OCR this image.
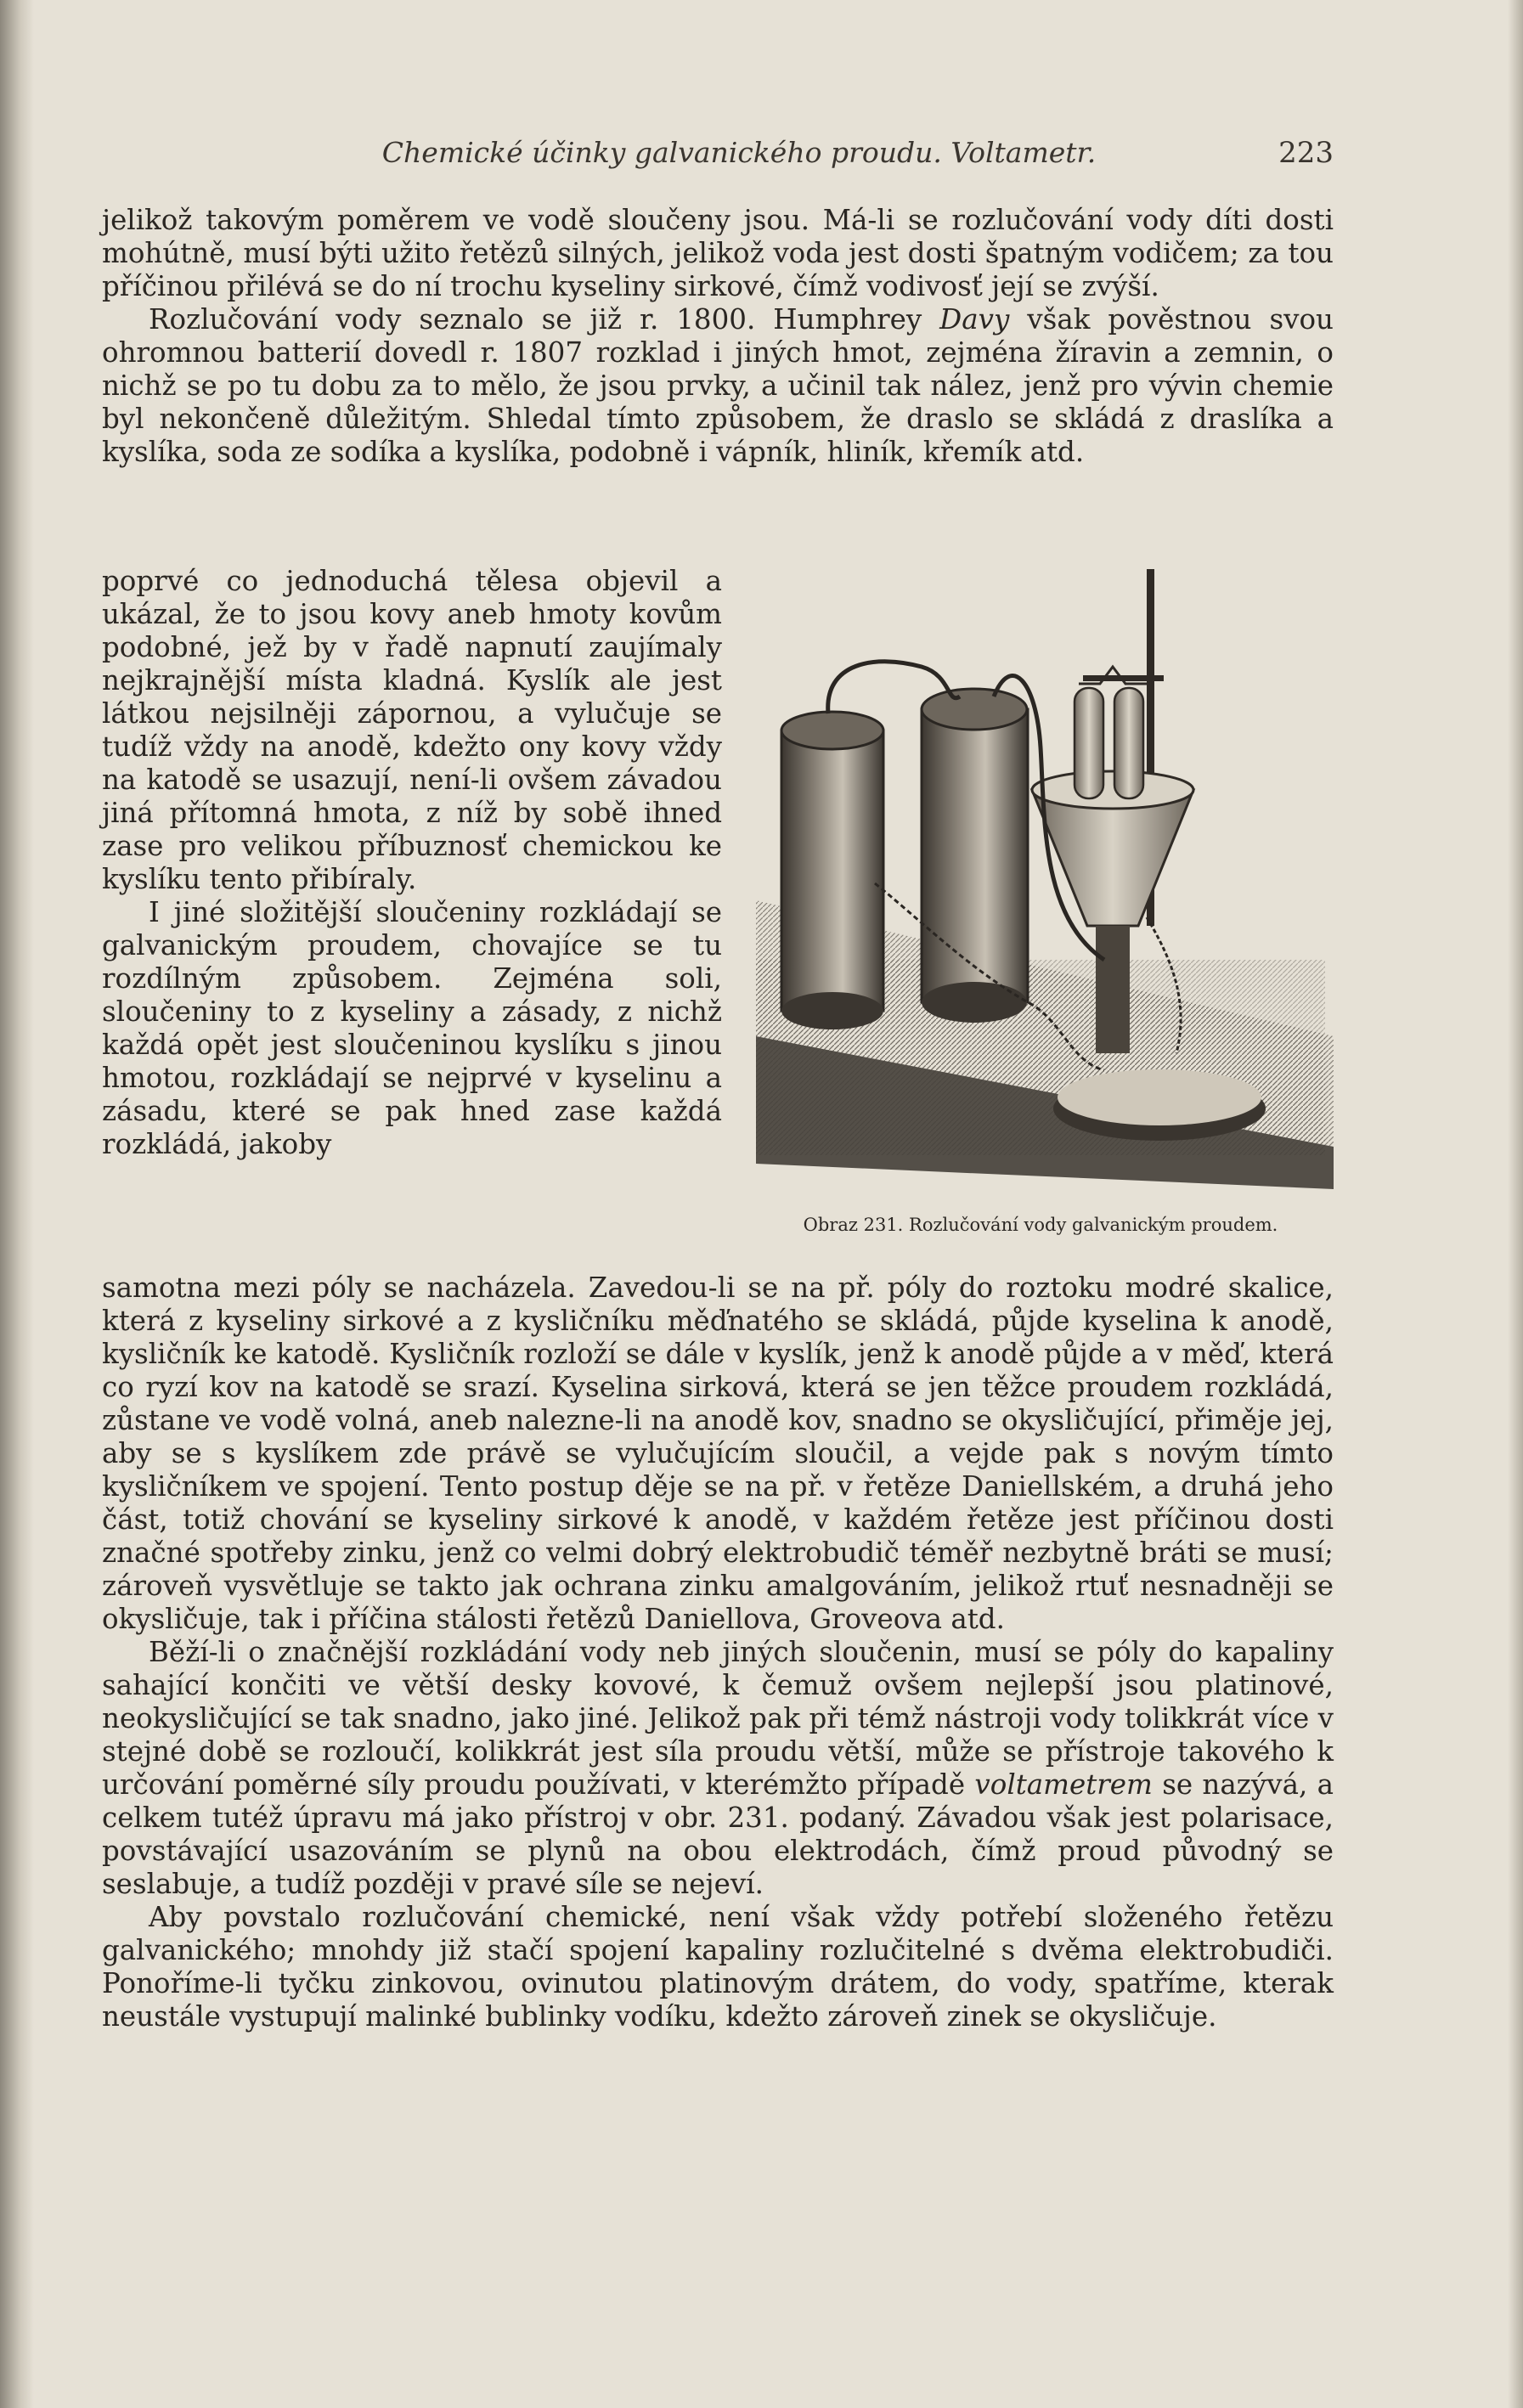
Chemické účinky galvanického proudu. Voltametr.	223

jelikož takovým poměrem ve vodě sloučeny jsou. Má-li se rozlučování vody díti dosti mohútně, musí býti užito řetězů silných, jelikož voda jest dosti špatným vodičem; za tou příčinou přilévá se do ní trochu kyseliny sirkové, čímž vodivosť její se zvýší.

Rozlučování vody seznalo se již r. 1800. Humphrey Davy však pověstnou svou ohromnou batterií dovedl r. 1807 rozklad i jiných hmot, zejména žíravin a zemnin, o nichž se po tu dobu za to mělo, že jsou prvky, a učinil tak nález, jenž pro vývin chemie byl nekončeně důležitým. Shledal tímto způsobem, že draslo se skládá z draslíka a kyslíka, soda ze sodíka a kyslíka, podobně i vápník, hliník, křemík atd.

poprvé co jednoduchá tělesa objevil a ukázal, že to jsou kovy aneb hmoty kovům podobné, jež by v řadě napnutí zaujímaly nejkrajnější místa kladná. Kyslík ale jest látkou nejsilněji zápornou, a vylučuje se tudíž vždy na anodě, kdežto ony kovy vždy na katodě se usazují, není-li ovšem závadou jiná přítomná hmota, z níž by sobě ihned zase pro velikou příbuznosť chemickou ke kyslíku tento přibíraly.

I jiné složitější sloučeniny rozkládají se galvanickým proudem, chovajíce se tu rozdílným způsobem. Zejména soli, sloučeniny to z kyseliny a zásady, z nichž každá opět jest sloučeninou kyslíku s jinou hmotou, rozkládají se nejprvé v kyselinu a zásadu, které se pak hned zase každá rozkládá, jakoby

Obraz 231. Rozlučování vody galvanickým proudem.

samotna mezi póly se nacházela. Zavedou-li se na př. póly do roztoku modré skalice, která z kyseliny sirkové a z kysličníku měďnatého se skládá, půjde kyselina k anodě, kysličník ke katodě. Kysličník rozloží se dále v kyslík, jenž k anodě půjde a v měď, která co ryzí kov na katodě se srazí. Kyselina sirková, která se jen těžce proudem rozkládá, zůstane ve vodě volná, aneb nalezne-li na anodě kov, snadno se okysličující, přiměje jej, aby se s kyslíkem zde právě se vylučujícím sloučil, a vejde pak s novým tímto kysličníkem ve spojení. Tento postup děje se na př. v řetěze Daniellském, a druhá jeho část, totiž chování se kyseliny sirkové k anodě, v každém řetěze jest příčinou dosti značné spotřeby zinku, jenž co velmi dobrý elektrobudič téměř nezbytně bráti se musí; zároveň vysvětluje se takto jak ochrana zinku amalgováním, jelikož rtuť nesnadněji se okysličuje, tak i příčina stálosti řetězů Daniellova, Groveova atd.

Běží-li o značnější rozkládání vody neb jiných sloučenin, musí se póly do kapaliny sahající končiti ve větší desky kovové, k čemuž ovšem nejlepší jsou platinové, neokysličující se tak snadno, jako jiné. Jelikož pak při témž nástroji vody tolikkrát více v stejné době se rozloučí, kolikkrát jest síla proudu větší, může se přístroje takového k určování poměrné síly proudu používati, v kterémžto případě voltametrem se nazývá, a celkem tutéž úpravu má jako přístroj v obr. 231. podaný. Závadou však jest polarisace, povstávající usazováním se plynů na obou elektrodách, čímž proud původný se seslabuje, a tudíž později v pravé síle se nejeví.

Aby povstalo rozlučování chemické, není však vždy potřebí složeného řetězu galvanického; mnohdy již stačí spojení kapaliny rozlučitelné s dvěma elektrobudiči. Ponoříme-li tyčku zinkovou, ovinutou platinovým drátem, do vody, spatříme, kterak neustále vystupují malinké bublinky vodíku, kdežto zároveň zinek se okysličuje.
